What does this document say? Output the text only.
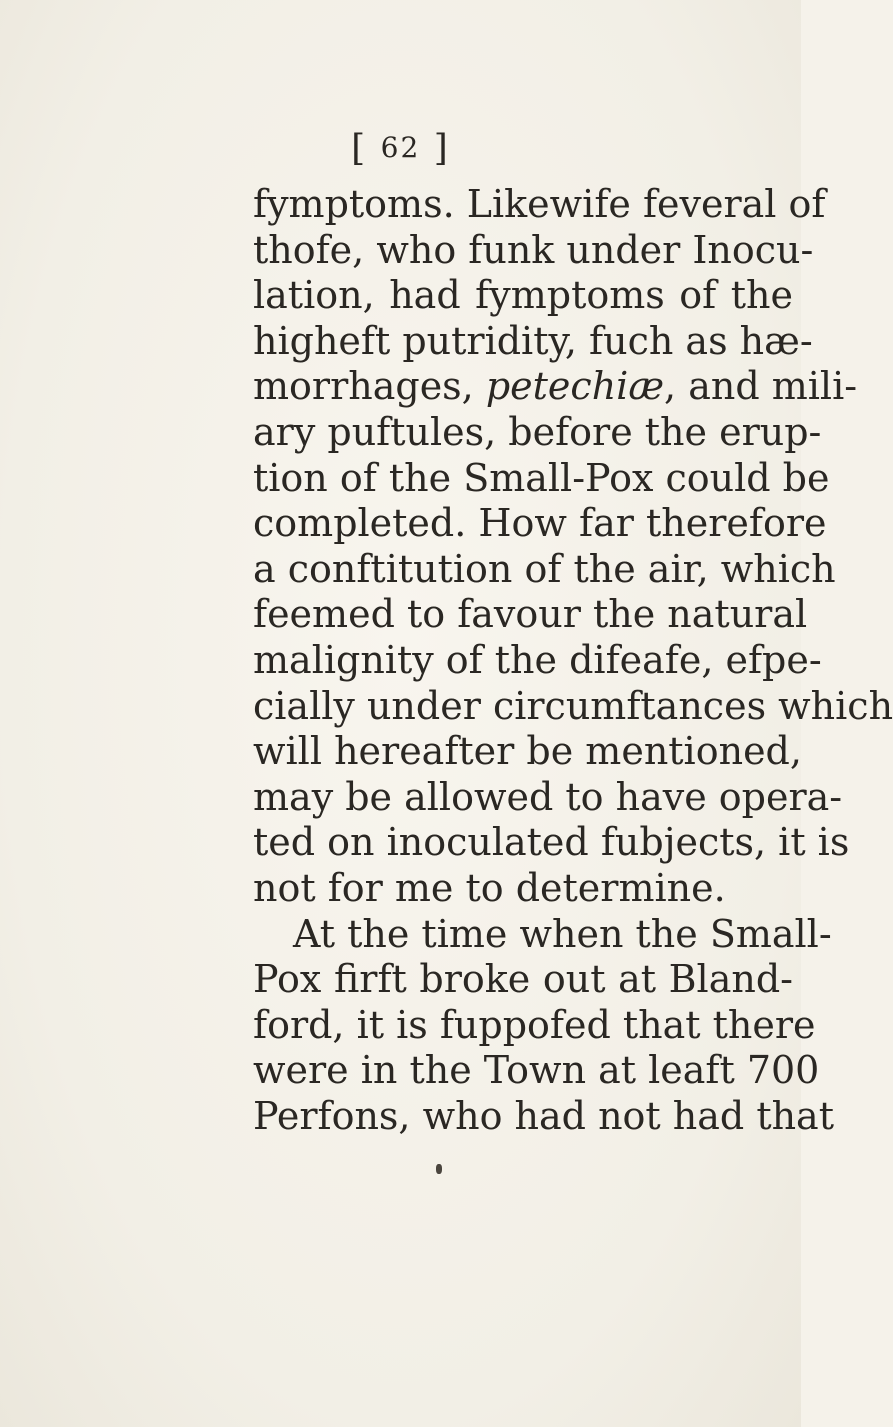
[ 62 ]
fymptoms. Likewife feveral of
thofe, who funk under Inocu-
lation, had fymptoms of the
higheft putridity, fuch as hæ-
morrhages, petechiæ, and mili-
ary puftules, before the erup-
tion of the Small-Pox could be
completed. How far therefore
a conftitution of the air, which
feemed to favour the natural
malignity of the difeafe, efpe-
cially under circumftances which
will hereafter be mentioned,
may be allowed to have opera-
ted on inoculated fubjects, it is
not for me to determine.
At the time when the Small-
Pox firft broke out at Bland-
ford, it is fuppofed that there
were in the Town at leaft 700
Perfons, who had not had that
